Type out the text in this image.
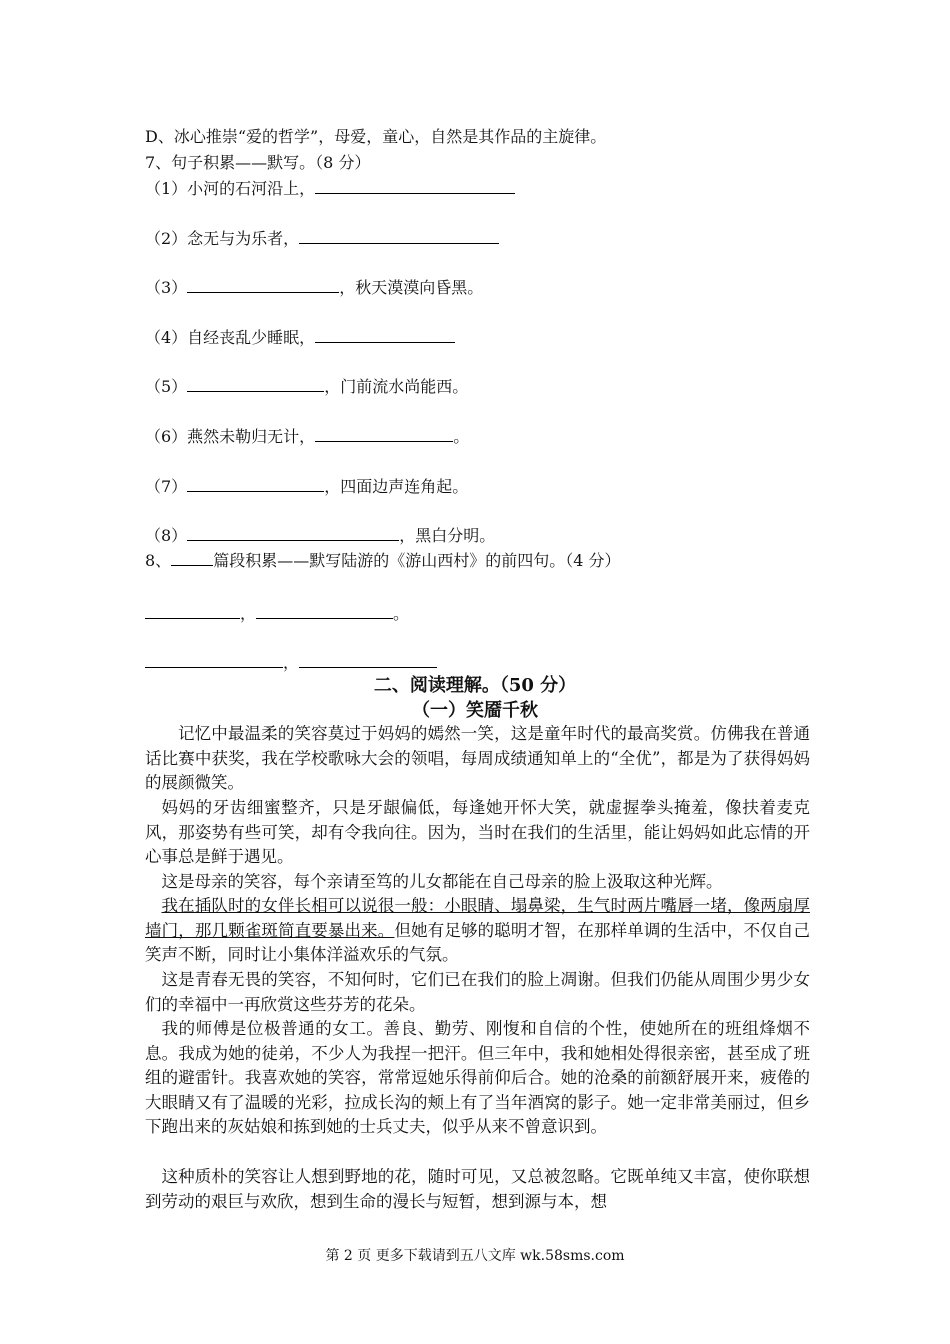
D、冰心推崇“爱的哲学”，母爱，童心，自然是其作品的主旋律。
7、句子积累——默写。（8 分）
（1）小河的石河沿上，
（2）念无与为乐者，
（3）	，秋天漠漠向昏黑。
（4）自经丧乱少睡眠，
（5）	，门前流水尚能西。
（6）燕然未勒归无计，	。
（7）	，四面边声连角起。
（8）	，黑白分明。
8、	篇段积累——默写陆游的《游山西村》的前四句。（4 分）
，	。
，
二、阅读理解。（50 分）
（一）笑靥千秋
记忆中最温柔的笑容莫过于妈妈的嫣然一笑，这是童年时代的最高奖赏。仿佛我在普通话比赛中获奖，我在学校歌咏大会的领唱，每周成绩通知单上的“全优”，都是为了获得妈妈的展颜微笑。
妈妈的牙齿细蜜整齐，只是牙龈偏低，每逢她开怀大笑，就虚握拳头掩羞，像扶着麦克风，那姿势有些可笑，却有令我向往。因为，当时在我们的生活里，能让妈妈如此忘情的开心事总是鲜于遇见。
这是母亲的笑容，每个亲请至笃的儿女都能在自己母亲的脸上汲取这种光辉。
我在插队时的女伴长相可以说很一般：小眼睛、塌鼻梁，生气时两片嘴唇一堵，像两扇厚墙门，那几颗雀斑简直要暴出来。但她有足够的聪明才智，在那样单调的生活中，不仅自己笑声不断，同时让小集体洋溢欢乐的气氛。
这是青春无畏的笑容，不知何时，它们已在我们的脸上凋谢。但我们仍能从周围少男少女们的幸福中一再欣赏这些芬芳的花朵。
我的师傅是位极普通的女工。善良、勤劳、刚愎和自信的个性，使她所在的班组烽烟不息。我成为她的徒弟，不少人为我捏一把汗。但三年中，我和她相处得很亲密，甚至成了班组的避雷针。我喜欢她的笑容，常常逗她乐得前仰后合。她的沧桑的前额舒展开来，疲倦的大眼睛又有了温暖的光彩，拉成长沟的颊上有了当年酒窝的影子。她一定非常美丽过，但乡下跑出来的灰姑娘和拣到她的士兵丈夫，似乎从来不曾意识到。
这种质朴的笑容让人想到野地的花，随时可见，又总被忽略。它既单纯又丰富，使你联想到劳动的艰巨与欢欣，想到生命的漫长与短暂，想到源与本，想
第 2 页 更多下载请到五八文库 wk.58sms.com
